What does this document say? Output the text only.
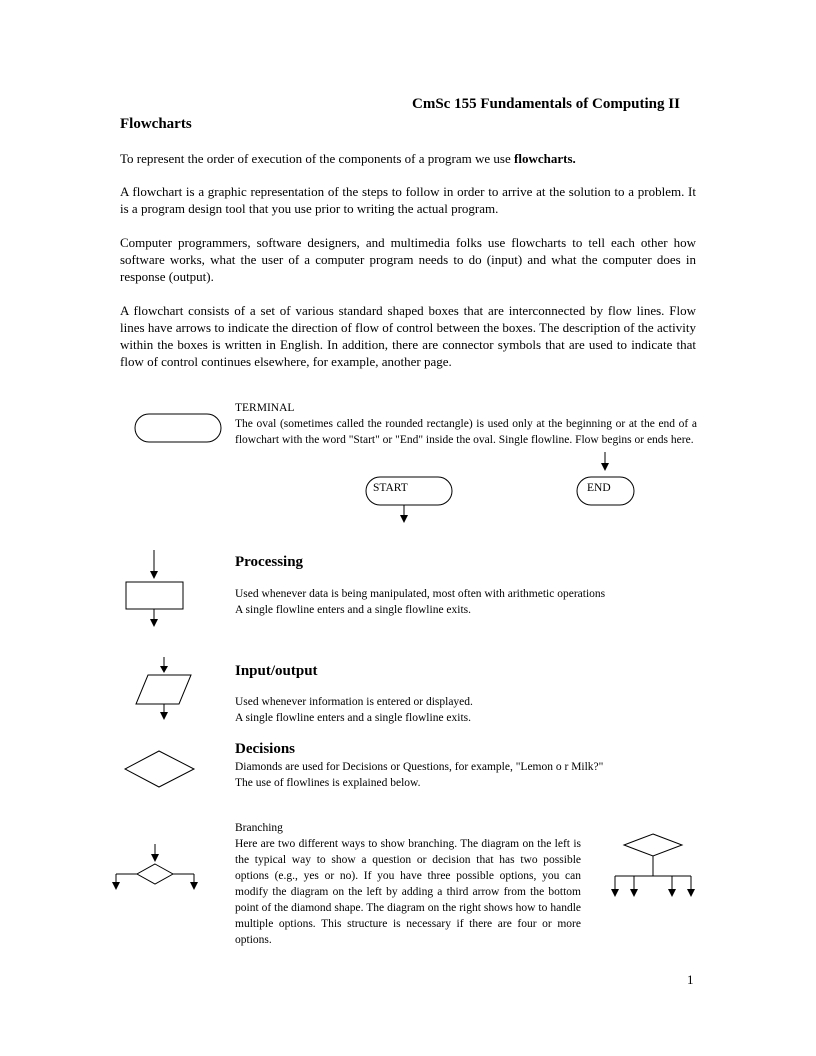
CmSc 155 Fundamentals of Computing II
Flowcharts
To represent the order of execution of the components of a program we use flowcharts.
A flowchart is a graphic representation of the steps to follow in order to arrive at the solution to a problem. It is a program design tool that you use prior to writing the actual program.
Computer programmers, software designers, and multimedia folks use flowcharts to tell each other how software works, what the user of a computer program needs to do (input) and what the computer does in response (output).
A flowchart consists of a set of various standard shaped boxes that are interconnected by flow lines. Flow lines have arrows to indicate the direction of flow of control between the boxes. The description of the activity within the boxes is written in English. In addition, there are connector symbols that are used to indicate that flow of control continues elsewhere, for example, another page.
TERMINAL
The oval (sometimes called the rounded rectangle) is used only at the beginning or at the end of a flowchart with the word "Start" or "End" inside the oval. Single flowline. Flow begins or ends here.
START	END
Processing
Used whenever data is being manipulated, most often with arithmetic operations
A single flowline enters and a single flowline exits.
Input/output
Used whenever information is entered or displayed.
A single flowline enters and a single flowline exits.
Decisions
Diamonds are used for Decisions or Questions, for example, "Lemon o r Milk?"
The use of flowlines is explained below.
Branching
Here are two different ways to show branching. The diagram on the left is the typical way to show a question or decision that has two possible options (e.g., yes or no). If you have three possible options, you can modify the diagram on the left by adding a third arrow from the bottom point of the diamond shape. The diagram on the right shows how to handle multiple options. This structure is necessary if there are four or more options.
1
